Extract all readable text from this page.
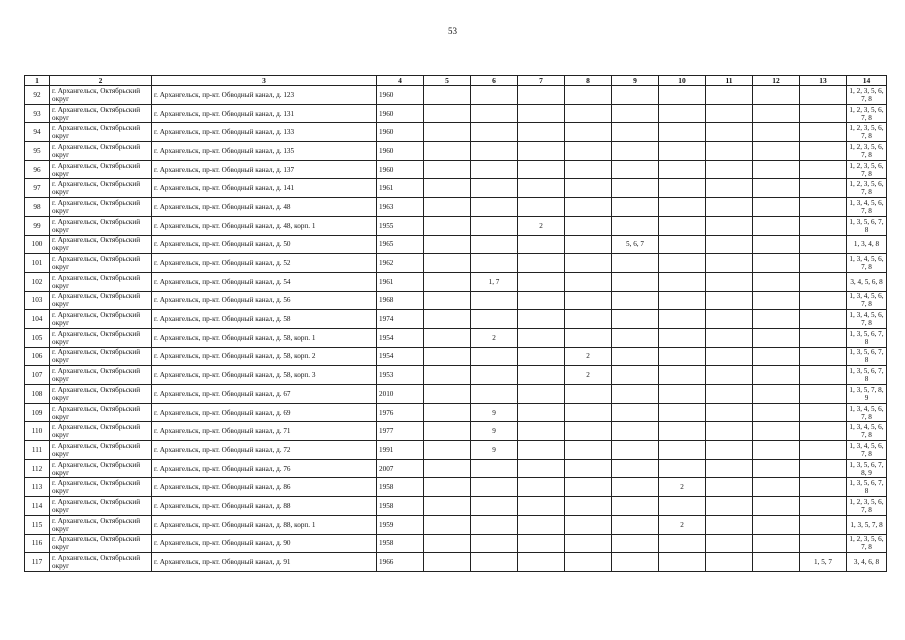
53
1	2	3	4	5	6	7	8	9	10	11	12	13	14
92	г. Архангельск, Октябрьский округ	г. Архангельск, пр-кт. Обводный канал, д. 123	1960										1, 2, 3, 5, 6, 7, 8
93	г. Архангельск, Октябрьский округ	г. Архангельск, пр-кт. Обводный канал, д. 131	1960										1, 2, 3, 5, 6, 7, 8
94	г. Архангельск, Октябрьский округ	г. Архангельск, пр-кт. Обводный канал, д. 133	1960										1, 2, 3, 5, 6, 7, 8
95	г. Архангельск, Октябрьский округ	г. Архангельск, пр-кт. Обводный канал, д. 135	1960										1, 2, 3, 5, 6, 7, 8
96	г. Архангельск, Октябрьский округ	г. Архангельск, пр-кт. Обводный канал, д. 137	1960										1, 2, 3, 5, 6, 7, 8
97	г. Архангельск, Октябрьский округ	г. Архангельск, пр-кт. Обводный канал, д. 141	1961										1, 2, 3, 5, 6, 7, 8
98	г. Архангельск, Октябрьский округ	г. Архангельск, пр-кт. Обводный канал, д. 48	1963										1, 3, 4, 5, 6, 7, 8
99	г. Архангельск, Октябрьский округ	г. Архангельск, пр-кт. Обводный канал, д. 48, корп. 1	1955			2							1, 3, 5, 6, 7, 8
100	г. Архангельск, Октябрьский округ	г. Архангельск, пр-кт. Обводный канал, д. 50	1965					5, 6, 7					1, 3, 4, 8
101	г. Архангельск, Октябрьский округ	г. Архангельск, пр-кт. Обводный канал, д. 52	1962										1, 3, 4, 5, 6, 7, 8
102	г. Архангельск, Октябрьский округ	г. Архангельск, пр-кт. Обводный канал, д. 54	1961		1, 7								3, 4, 5, 6, 8
103	г. Архангельск, Октябрьский округ	г. Архангельск, пр-кт. Обводный канал, д. 56	1968										1, 3, 4, 5, 6, 7, 8
104	г. Архангельск, Октябрьский округ	г. Архангельск, пр-кт. Обводный канал, д. 58	1974										1, 3, 4, 5, 6, 7, 8
105	г. Архангельск, Октябрьский округ	г. Архангельск, пр-кт. Обводный канал, д. 58, корп. 1	1954		2								1, 3, 5, 6, 7, 8
106	г. Архангельск, Октябрьский округ	г. Архангельск, пр-кт. Обводный канал, д. 58, корп. 2	1954				2						1, 3, 5, 6, 7, 8
107	г. Архангельск, Октябрьский округ	г. Архангельск, пр-кт. Обводный канал, д. 58, корп. 3	1953				2						1, 3, 5, 6, 7, 8
108	г. Архангельск, Октябрьский округ	г. Архангельск, пр-кт. Обводный канал, д. 67	2010										1, 3, 5, 7, 8, 9
109	г. Архангельск, Октябрьский округ	г. Архангельск, пр-кт. Обводный канал, д. 69	1976		9								1, 3, 4, 5, 6, 7, 8
110	г. Архангельск, Октябрьский округ	г. Архангельск, пр-кт. Обводный канал, д. 71	1977		9								1, 3, 4, 5, 6, 7, 8
111	г. Архангельск, Октябрьский округ	г. Архангельск, пр-кт. Обводный канал, д. 72	1991		9								1, 3, 4, 5, 6, 7, 8
112	г. Архангельск, Октябрьский округ	г. Архангельск, пр-кт. Обводный канал, д. 76	2007										1, 3, 5, 6, 7, 8, 9
113	г. Архангельск, Октябрьский округ	г. Архангельск, пр-кт. Обводный канал, д. 86	1958						2				1, 3, 5, 6, 7, 8
114	г. Архангельск, Октябрьский округ	г. Архангельск, пр-кт. Обводный канал, д. 88	1958										1, 2, 3, 5, 6, 7, 8
115	г. Архангельск, Октябрьский округ	г. Архангельск, пр-кт. Обводный канал, д. 88, корп. 1	1959						2				1, 3, 5, 7, 8
116	г. Архангельск, Октябрьский округ	г. Архангельск, пр-кт. Обводный канал, д. 90	1958										1, 2, 3, 5, 6, 7, 8
117	г. Архангельск, Октябрьский округ	г. Архангельск, пр-кт. Обводный канал, д. 91	1966									1, 5, 7	3, 4, 6, 8
